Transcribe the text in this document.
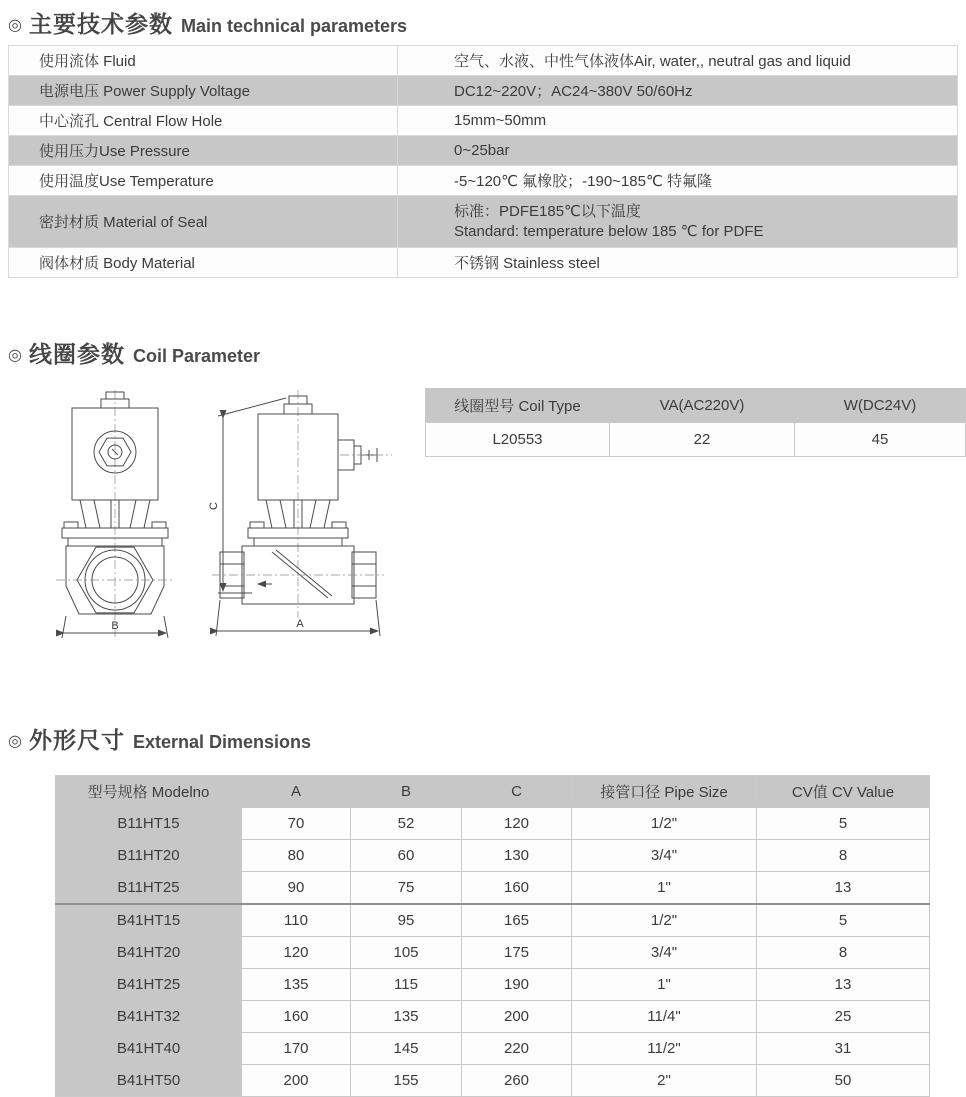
◎ 主要技术参数 Main technical parameters
使用流体 Fluid	空气、水液、中性气体液体Air, water,, neutral gas and liquid
电源电压 Power Supply Voltage	DC12~220V；AC24~380V 50/60Hz
中心流孔 Central Flow Hole	15mm~50mm
使用压力Use Pressure	0~25bar
使用温度Use Temperature	-5~120℃ 氟橡胶；-190~185℃ 特氟隆
密封材质 Material of Seal	标准：PDFE185℃以下温度
Standard: temperature below 185 ℃ for PDFE

阀体材质 Body Material	不锈钢 Stainless steel
◎ 线圈参数 Coil Parameter
B
C
A
线圈型号 Coil Type	VA(AC220V)	W(DC24V)
L20553	22	45
◎ 外形尺寸 External Dimensions
型号规格 Modelno	A	B	C	接管口径 Pipe Size	CV值 CV Value
B11HT15	70	52	120	1/2"	5
B11HT20	80	60	130	3/4"	8
B11HT25	90	75	160	1"	13
B41HT15	110	95	165	1/2"	5
B41HT20	120	105	175	3/4"	8
B41HT25	135	115	190	1"	13
B41HT32	160	135	200	11/4"	25
B41HT40	170	145	220	11/2"	31
B41HT50	200	155	260	2"	50
